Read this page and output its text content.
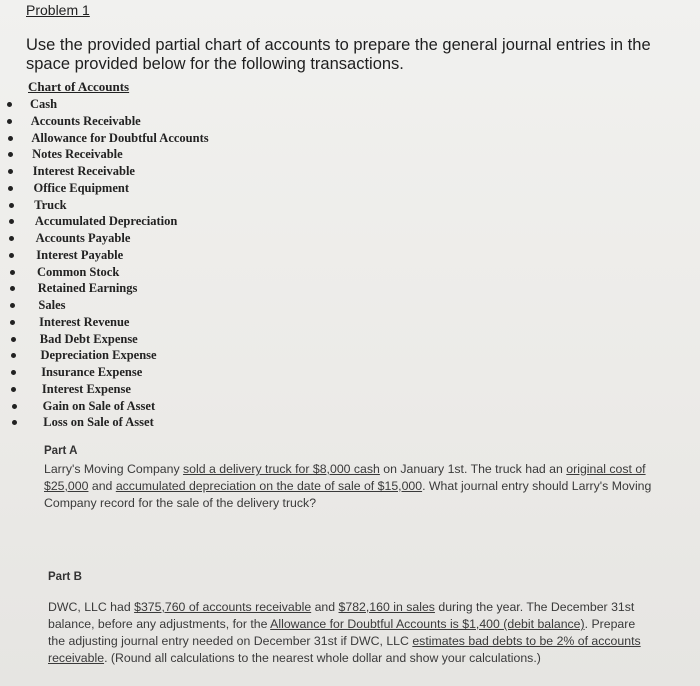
Problem 1
Use the provided partial chart of accounts to prepare the general journal entries in the space provided below for the following transactions.
Chart of Accounts
Cash
Accounts Receivable
Allowance for Doubtful Accounts
Notes Receivable
Interest Receivable
Office Equipment
Truck
Accumulated Depreciation
Accounts Payable
Interest Payable
Common Stock
Retained Earnings
Sales
Interest Revenue
Bad Debt Expense
Depreciation Expense
Insurance Expense
Interest Expense
Gain on Sale of Asset
Loss on Sale of Asset
Part A
Larry's Moving Company sold a delivery truck for $8,000 cash on January 1st. The truck had an original cost of $25,000 and accumulated depreciation on the date of sale of $15,000. What journal entry should Larry's Moving Company record for the sale of the delivery truck?
Part B
DWC, LLC had $375,760 of accounts receivable and $782,160 in sales during the year. The December 31st balance, before any adjustments, for the Allowance for Doubtful Accounts is $1,400 (debit balance). Prepare the adjusting journal entry needed on December 31st if DWC, LLC estimates bad debts to be 2% of accounts receivable. (Round all calculations to the nearest whole dollar and show your calculations.)
